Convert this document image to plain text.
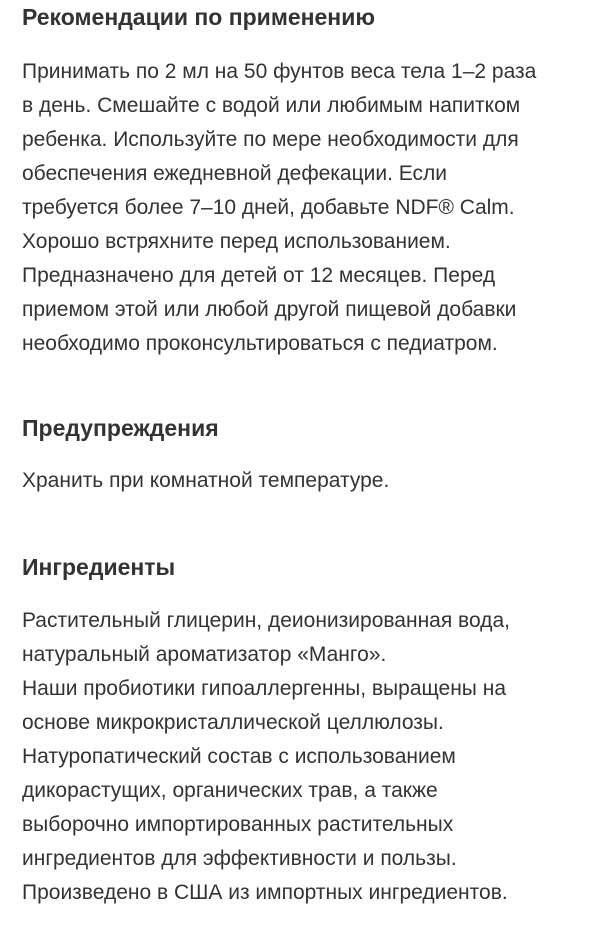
Рекомендации по применению
Принимать по 2 мл на 50 фунтов веса тела 1–2 раза
в день. Смешайте с водой или любимым напитком
ребенка. Используйте по мере необходимости для
обеспечения ежедневной дефекации. Если
требуется более 7–10 дней, добавьте NDF® Calm.
Хорошо встряхните перед использованием.
Предназначено для детей от 12 месяцев. Перед
приемом этой или любой другой пищевой добавки
необходимо проконсультироваться с педиатром.
Предупреждения
Хранить при комнатной температуре.
Ингредиенты
Растительный глицерин, деионизированная вода,
натуральный ароматизатор «Манго».
Наши пробиотики гипоаллергенны, выращены на
основе микрокристаллической целлюлозы.
Натуропатический состав с использованием
дикорастущих, органических трав, а также
выборочно импортированных растительных
ингредиентов для эффективности и пользы.
Произведено в США из импортных ингредиентов.
